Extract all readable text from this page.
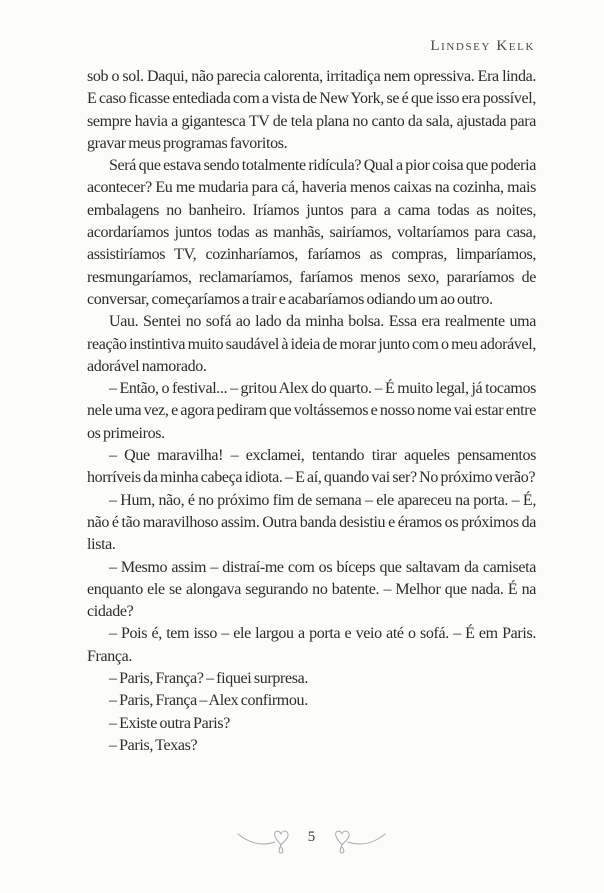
Lindsey Kelk

sob o sol. Daqui, não parecia calorenta, irritadiça nem opressiva. Era linda. E caso ficasse entediada com a vista de New York, se é que isso era possível, sempre havia a gigantesca TV de tela plana no canto da sala, ajustada para gravar meus programas favoritos.

Será que estava sendo totalmente ridícula? Qual a pior coisa que poderia acontecer? Eu me mudaria para cá, haveria menos caixas na cozinha, mais embalagens no banheiro. Iríamos juntos para a cama todas as noites, acordaríamos juntos todas as manhãs, sairíamos, voltaríamos para casa, assistiríamos TV, cozinharíamos, faríamos as compras, limparíamos, resmungaríamos, reclamaríamos, faríamos menos sexo, pararíamos de conversar, começaríamos a trair e acabaríamos odiando um ao outro.

Uau. Sentei no sofá ao lado da minha bolsa. Essa era realmente uma reação instintiva muito saudável à ideia de morar junto com o meu adorável, adorável namorado.

– Então, o festival... – gritou Alex do quarto. – É muito legal, já tocamos nele uma vez, e agora pediram que voltássemos e nosso nome vai estar entre os primeiros.

– Que maravilha! – exclamei, tentando tirar aqueles pensamentos horríveis da minha cabeça idiota. – E aí, quando vai ser? No próximo verão?

– Hum, não, é no próximo fim de semana – ele apareceu na porta. – É, não é tão maravilhoso assim. Outra banda desistiu e éramos os próximos da lista.

– Mesmo assim – distraí-me com os bíceps que saltavam da camiseta enquanto ele se alongava segurando no batente. – Melhor que nada. É na cidade?

– Pois é, tem isso – ele largou a porta e veio até o sofá. – É em Paris. França.

– Paris, França? – fiquei surpresa.

– Paris, França – Alex confirmou.

– Existe outra Paris?

– Paris, Texas?

5
